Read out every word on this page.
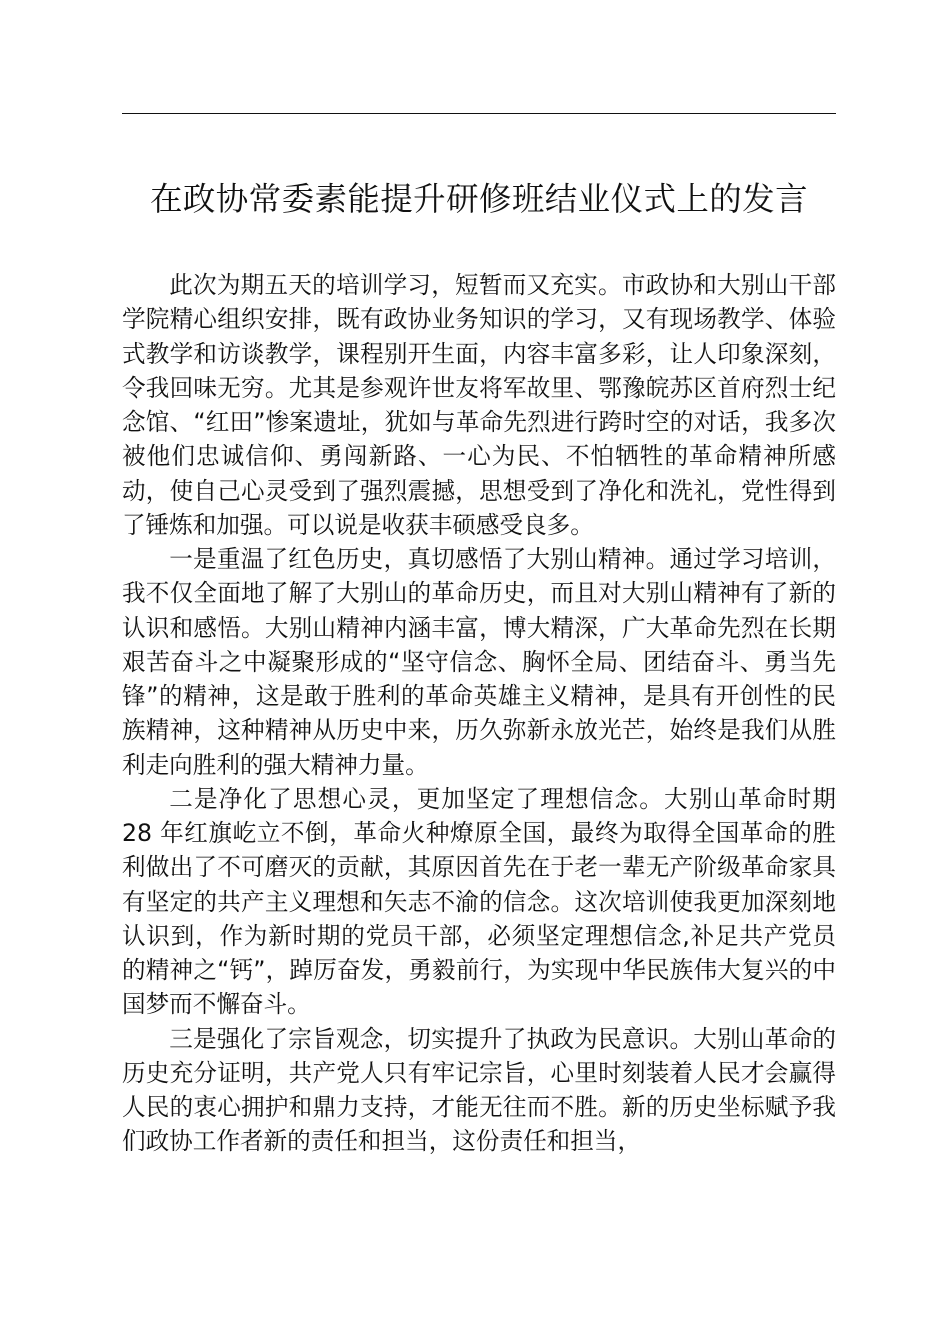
在政协常委素能提升研修班结业仪式上的发言

此次为期五天的培训学习，短暂而又充实。市政协和大别山干部学院精心组织安排，既有政协业务知识的学习，又有现场教学、体验式教学和访谈教学，课程别开生面，内容丰富多彩，让人印象深刻，令我回味无穷。尤其是参观许世友将军故里、鄂豫皖苏区首府烈士纪念馆、“红田”惨案遗址，犹如与革命先烈进行跨时空的对话，我多次被他们忠诚信仰、勇闯新路、一心为民、不怕牺牲的革命精神所感动，使自己心灵受到了强烈震撼，思想受到了净化和洗礼，党性得到了锤炼和加强。可以说是收获丰硕感受良多。

一是重温了红色历史，真切感悟了大别山精神。通过学习培训，我不仅全面地了解了大别山的革命历史，而且对大别山精神有了新的认识和感悟。大别山精神内涵丰富，博大精深，广大革命先烈在长期艰苦奋斗之中凝聚形成的“坚守信念、胸怀全局、团结奋斗、勇当先锋”的精神，这是敢于胜利的革命英雄主义精神，是具有开创性的民族精神，这种精神从历史中来，历久弥新永放光芒，始终是我们从胜利走向胜利的强大精神力量。

二是净化了思想心灵，更加坚定了理想信念。大别山革命时期 28 年红旗屹立不倒，革命火种燎原全国，最终为取得全国革命的胜利做出了不可磨灭的贡献，其原因首先在于老一辈无产阶级革命家具有坚定的共产主义理想和矢志不渝的信念。这次培训使我更加深刻地认识到，作为新时期的党员干部，必须坚定理想信念,补足共产党员的精神之“钙”，踔厉奋发，勇毅前行，为实现中华民族伟大复兴的中国梦而不懈奋斗。

三是强化了宗旨观念，切实提升了执政为民意识。大别山革命的历史充分证明，共产党人只有牢记宗旨，心里时刻装着人民才会赢得人民的衷心拥护和鼎力支持，才能无往而不胜。新的历史坐标赋予我们政协工作者新的责任和担当，这份责任和担当，
